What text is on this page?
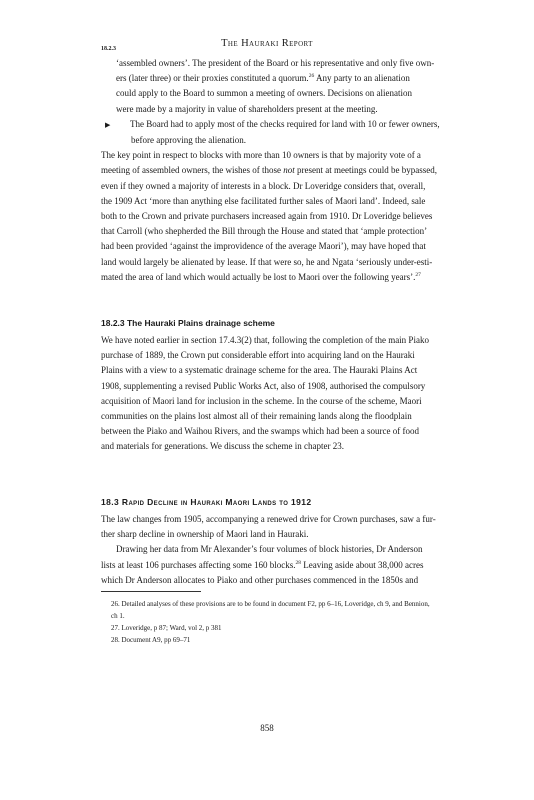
The Hauraki Report
18.2.3
‘assembled owners’. The president of the Board or his representative and only five own-
ers (later three) or their proxies constituted a quorum.$^{26}$ Any party to an alienation
could apply to the Board to summon a meeting of owners. Decisions on alienation
were made by a majority in value of shareholders present at the meeting.
▶ The Board had to apply most of the checks required for land with 10 or fewer owners,
before approving the alienation.
The key point in respect to blocks with more than 10 owners is that by majority vote of a
meeting of assembled owners, the wishes of those not present at meetings could be bypassed,
even if they owned a majority of interests in a block. Dr Loveridge considers that, overall,
the 1909 Act ‘more than anything else facilitated further sales of Maori land’. Indeed, sale
both to the Crown and private purchasers increased again from 1910. Dr Loveridge believes
that Carroll (who shepherded the Bill through the House and stated that ‘ample protection’
had been provided ‘against the improvidence of the average Maori’), may have hoped that
land would largely be alienated by lease. If that were so, he and Ngata ‘seriously under-esti-
mated the area of land which would actually be lost to Maori over the following years’.$^{27}$
18.2.3 The Hauraki Plains drainage scheme
We have noted earlier in section 17.4.3(2) that, following the completion of the main Piako
purchase of 1889, the Crown put considerable effort into acquiring land on the Hauraki
Plains with a view to a systematic drainage scheme for the area. The Hauraki Plains Act
1908, supplementing a revised Public Works Act, also of 1908, authorised the compulsory
acquisition of Maori land for inclusion in the scheme. In the course of the scheme, Maori
communities on the plains lost almost all of their remaining lands along the floodplain
between the Piako and Waihou Rivers, and the swamps which had been a source of food
and materials for generations. We discuss the scheme in chapter 23.
18.3 Rapid Decline in Hauraki Maori Lands to 1912
The law changes from 1905, accompanying a renewed drive for Crown purchases, saw a fur-
ther sharp decline in ownership of Maori land in Hauraki.
Drawing her data from Mr Alexander’s four volumes of block histories, Dr Anderson
lists at least 106 purchases affecting some 160 blocks.$^{28}$ Leaving aside about 38,000 acres
which Dr Anderson allocates to Piako and other purchases commenced in the 1850s and
26. Detailed analyses of these provisions are to be found in document F2, pp 6–16, Loveridge, ch 9, and Bennion,
ch 1.
27. Loveridge, p 87; Ward, vol 2, p 381
28. Document A9, pp 69–71
858
